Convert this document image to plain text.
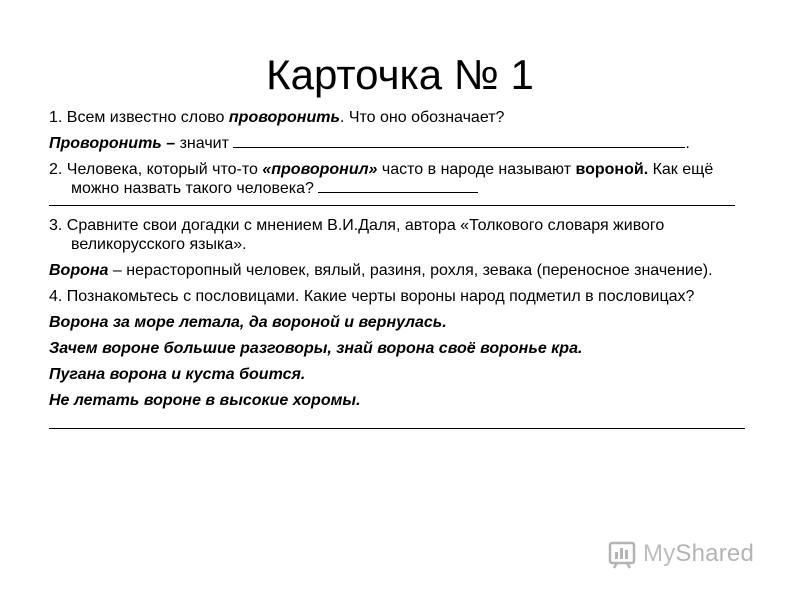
Карточка № 1
1. Всем известно слово проворонить. Что оно обозначает?
Проворонить – значит	.
2. Человека, который что-то «проворонил» часто в народе называют вороной. Как ещё можно назвать такого человека?
3. Сравните свои догадки с мнением В.И.Даля, автора «Толкового словаря живого великорусского языка».
Ворона – нерасторопный человек, вялый, разиня, рохля, зевака (переносное значение).
4. Познакомьтесь с пословицами. Какие черты вороны народ подметил в пословицах?
Ворона за море летала, да вороной и вернулась.
Зачем вороне большие разговоры, знай ворона своё воронье кра.
Пугана ворона и куста боится.
Не летать вороне в высокие хоромы.
MyShared
